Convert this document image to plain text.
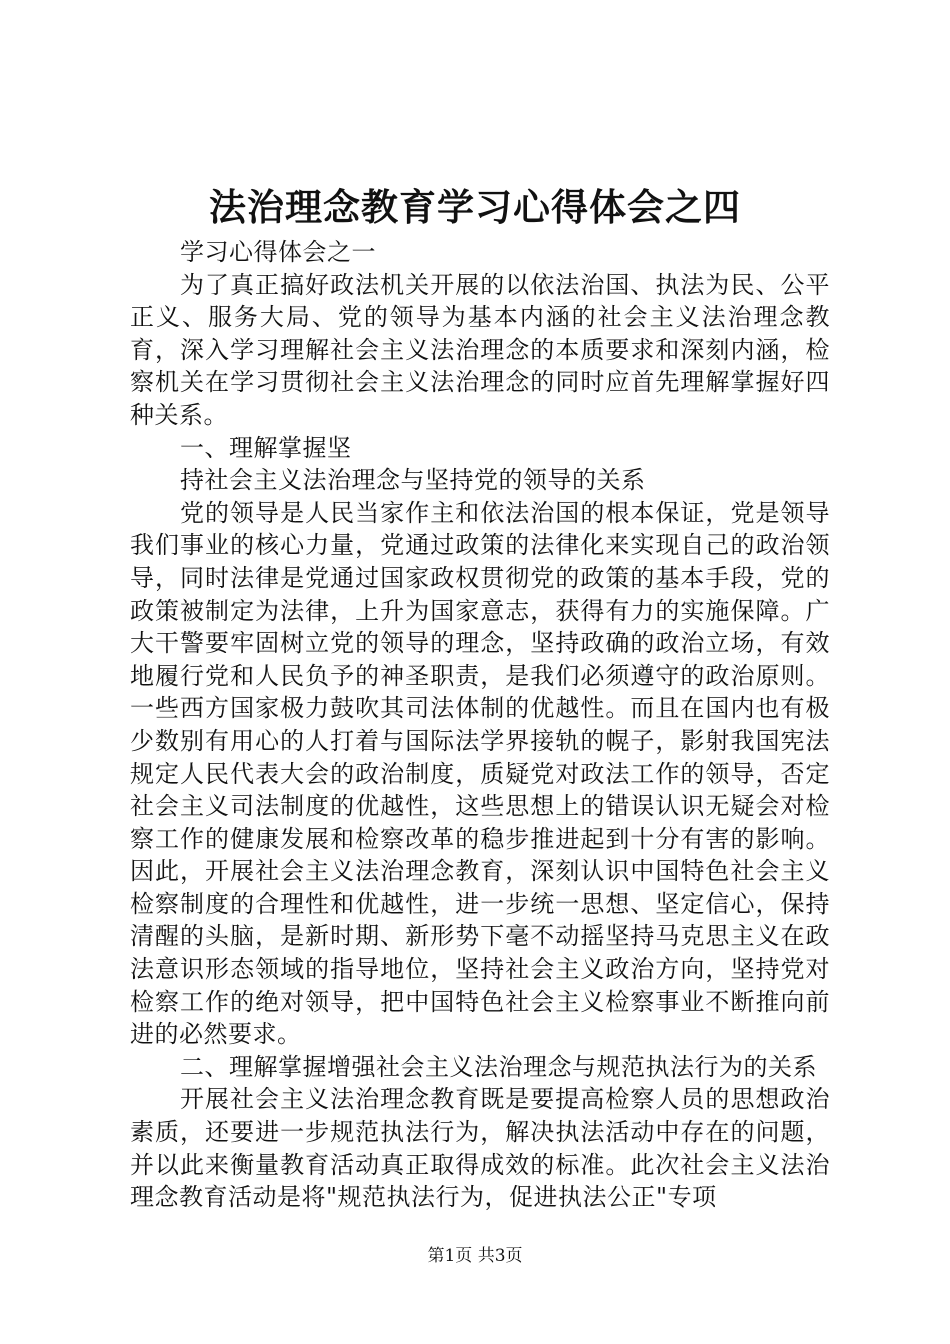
法治理念教育学习心得体会之四

学习心得体会之一

为了真正搞好政法机关开展的以依法治国、执法为民、公平正义、服务大局、党的领导为基本内涵的社会主义法治理念教育，深入学习理解社会主义法治理念的本质要求和深刻内涵，检察机关在学习贯彻社会主义法治理念的同时应首先理解掌握好四种关系。

一、理解掌握坚

持社会主义法治理念与坚持党的领导的关系

党的领导是人民当家作主和依法治国的根本保证，党是领导我们事业的核心力量，党通过政策的法律化来实现自己的政治领导，同时法律是党通过国家政权贯彻党的政策的基本手段，党的政策被制定为法律，上升为国家意志，获得有力的实施保障。广大干警要牢固树立党的领导的理念，坚持政确的政治立场，有效地履行党和人民负予的神圣职责，是我们必须遵守的政治原则。一些西方国家极力鼓吹其司法体制的优越性。而且在国内也有极少数别有用心的人打着与国际法学界接轨的幌子，影射我国宪法规定人民代表大会的政治制度，质疑党对政法工作的领导，否定社会主义司法制度的优越性，这些思想上的错误认识无疑会对检察工作的健康发展和检察改革的稳步推进起到十分有害的影响。因此，开展社会主义法治理念教育，深刻认识中国特色社会主义检察制度的合理性和优越性，进一步统一思想、坚定信心，保持清醒的头脑，是新时期、新形势下毫不动摇坚持马克思主义在政法意识形态领域的指导地位，坚持社会主义政治方向，坚持党对检察工作的绝对领导，把中国特色社会主义检察事业不断推向前进的必然要求。

二、理解掌握增强社会主义法治理念与规范执法行为的关系

开展社会主义法治理念教育既是要提高检察人员的思想政治素质，还要进一步规范执法行为，解决执法活动中存在的问题，并以此来衡量教育活动真正取得成效的标准。此次社会主义法治理念教育活动是将"规范执法行为，促进执法公正"专项

第1页 共3页
